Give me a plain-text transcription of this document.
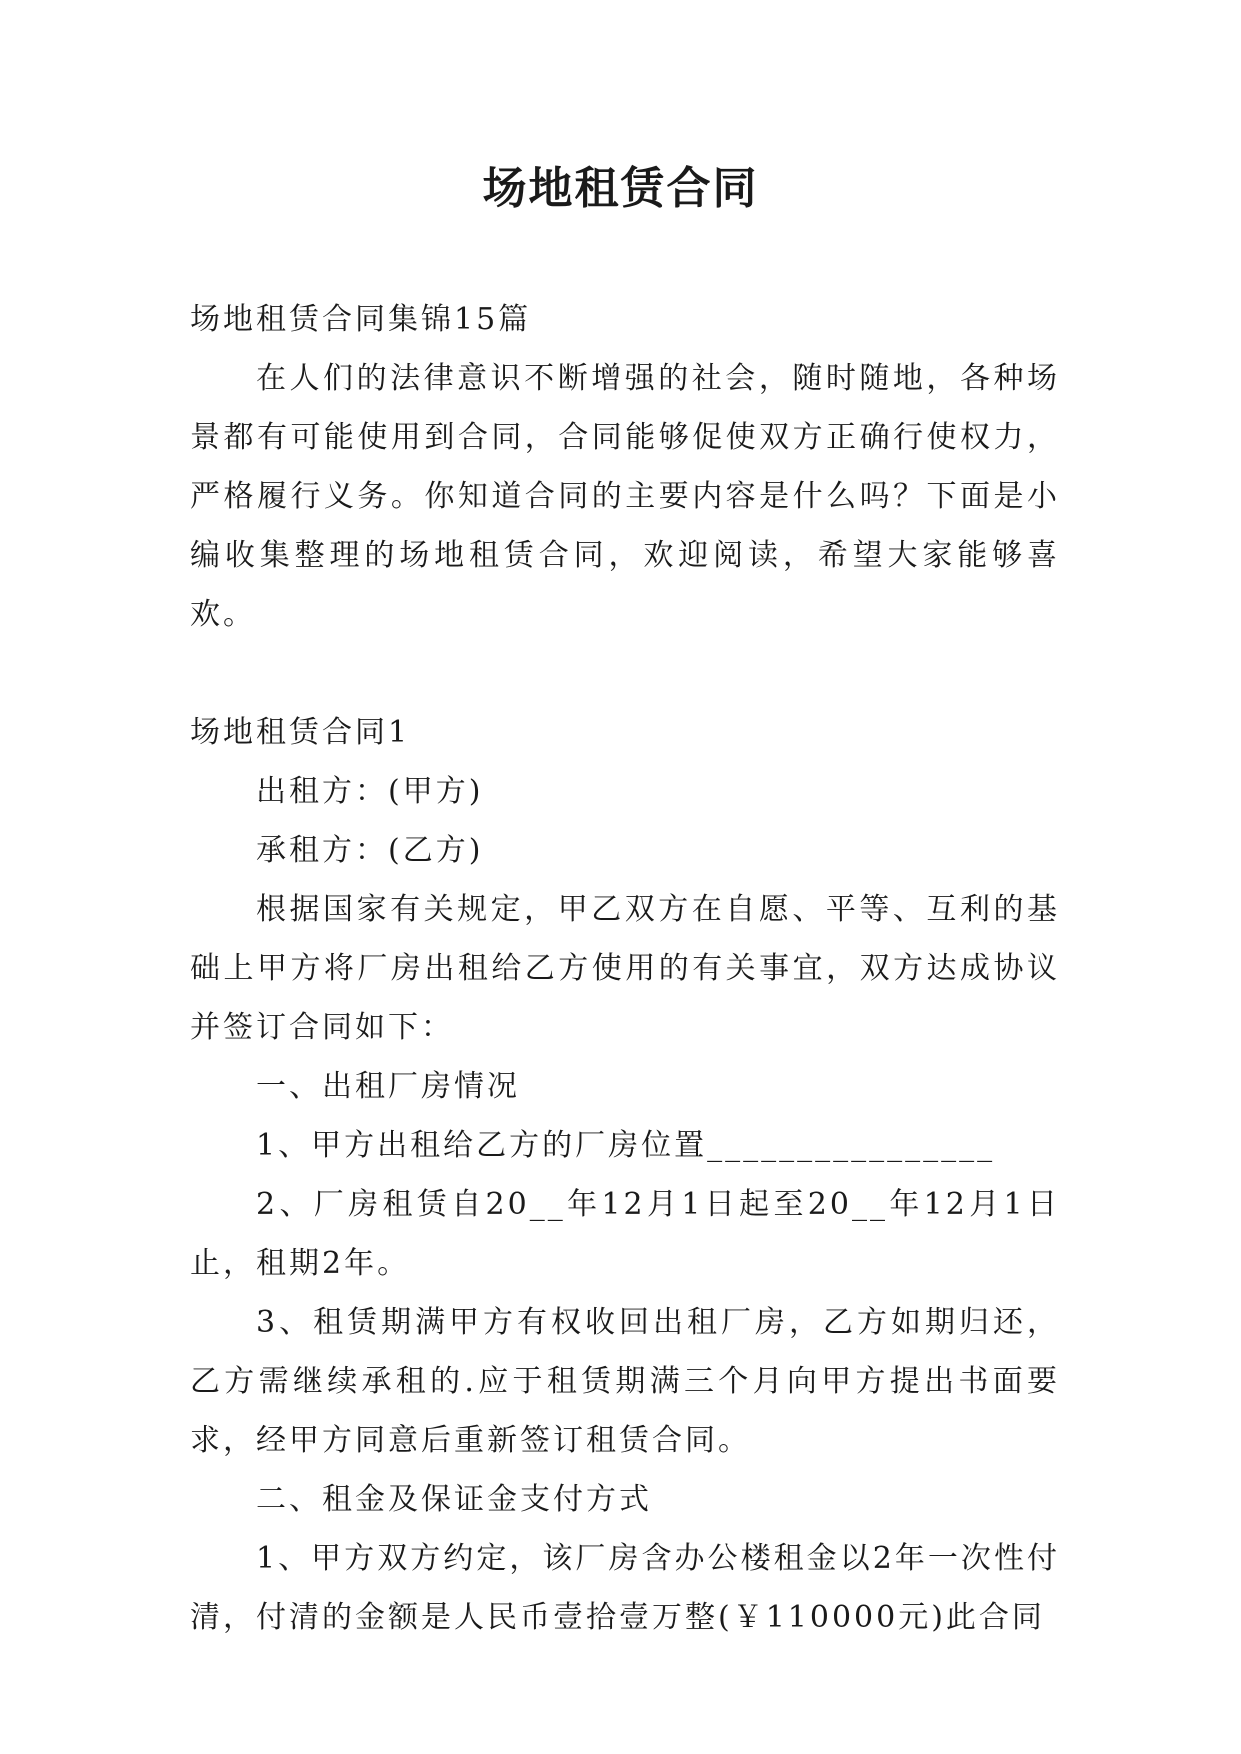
场地租赁合同

场地租赁合同集锦15篇

在人们的法律意识不断增强的社会，随时随地，各种场景都有可能使用到合同，合同能够促使双方正确行使权力，严格履行义务。你知道合同的主要内容是什么吗？下面是小编收集整理的场地租赁合同，欢迎阅读，希望大家能够喜欢。

场地租赁合同1

出租方：(甲方)

承租方：(乙方)

根据国家有关规定，甲乙双方在自愿、平等、互利的基础上甲方将厂房出租给乙方使用的有关事宜，双方达成协议并签订合同如下：

一、出租厂房情况

1、甲方出租给乙方的厂房位置________________

2、厂房租赁自20__年12月1日起至20__年12月1日止，租期2年。

3、租赁期满甲方有权收回出租厂房，乙方如期归还，乙方需继续承租的.应于租赁期满三个月向甲方提出书面要求，经甲方同意后重新签订租赁合同。

二、租金及保证金支付方式

1、甲方双方约定，该厂房含办公楼租金以2年一次性付清，付清的金额是人民币壹拾壹万整(￥110000元)此合同
